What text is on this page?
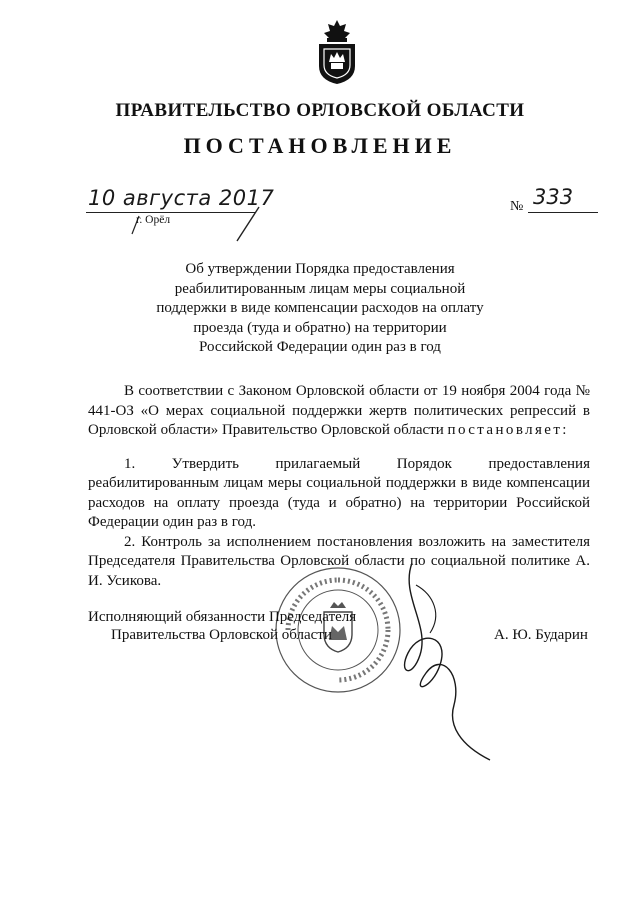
ПРАВИТЕЛЬСТВО ОРЛОВСКОЙ ОБЛАСТИ
ПОСТАНОВЛЕНИЕ
10 августа 2017
г. Орёл
№ 333
Об утверждении Порядка предоставления
реабилитированным лицам меры социальной
поддержки в виде компенсации расходов на оплату
проезда (туда и обратно) на территории
Российской Федерации один раз в год

В соответствии с Законом Орловской области от 19 ноября 2004 года № 441-ОЗ «О мерах социальной поддержки жертв политических репрессий в Орловской области» Правительство Орловской области постановляет:

1. Утвердить прилагаемый Порядок предоставления реабилитированным лицам меры социальной поддержки в виде компенсации расходов на оплату проезда (туда и обратно) на территории Российской Федерации один раз в год.

2. Контроль за исполнением постановления возложить на заместителя Председателя Правительства Орловской области по социальной политике А. И. Усикова.

Исполняющий обязанности Председателя
Правительства Орловской области	А. Ю. Бударин
